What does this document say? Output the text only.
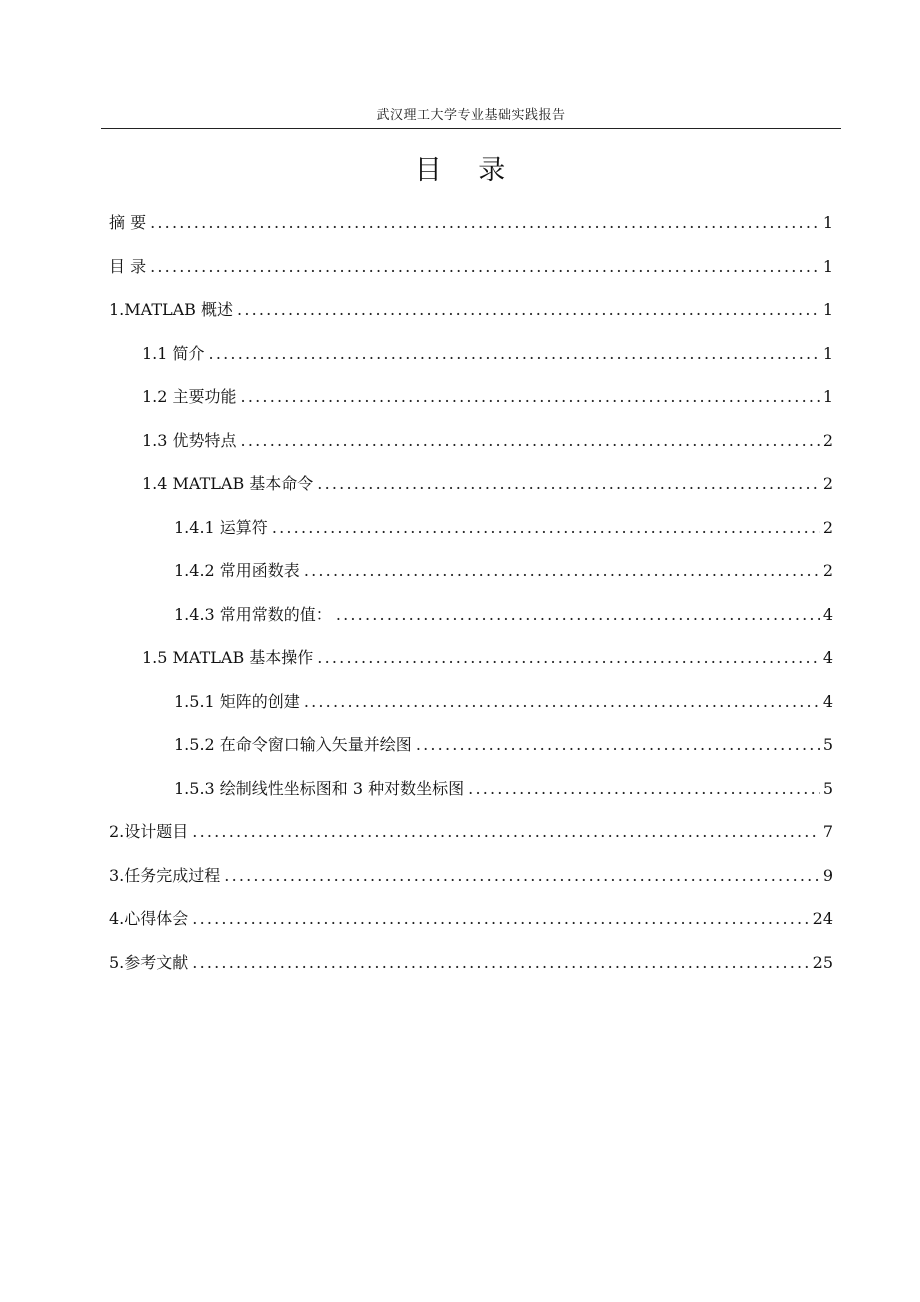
武汉理工大学专业基础实践报告
目 录
摘 要 .....	1
目 录 .....	1
1.MATLAB 概述 .....	1
1.1 简介 .....	1
1.2 主要功能 .....	1
1.3 优势特点 .....	2
1.4 MATLAB 基本命令 .....	2
1.4.1 运算符 .....	2
1.4.2 常用函数表 .....	2
1.4.3 常用常数的值： .....	4
1.5 MATLAB 基本操作 .....	4
1.5.1 矩阵的创建 .....	4
1.5.2 在命令窗口输入矢量并绘图 .....	5
1.5.3 绘制线性坐标图和 3 种对数坐标图 .....	5
2.设计题目 .....	7
3.任务完成过程 .....	9
4.心得体会 .....	24
5.参考文献 .....	25
